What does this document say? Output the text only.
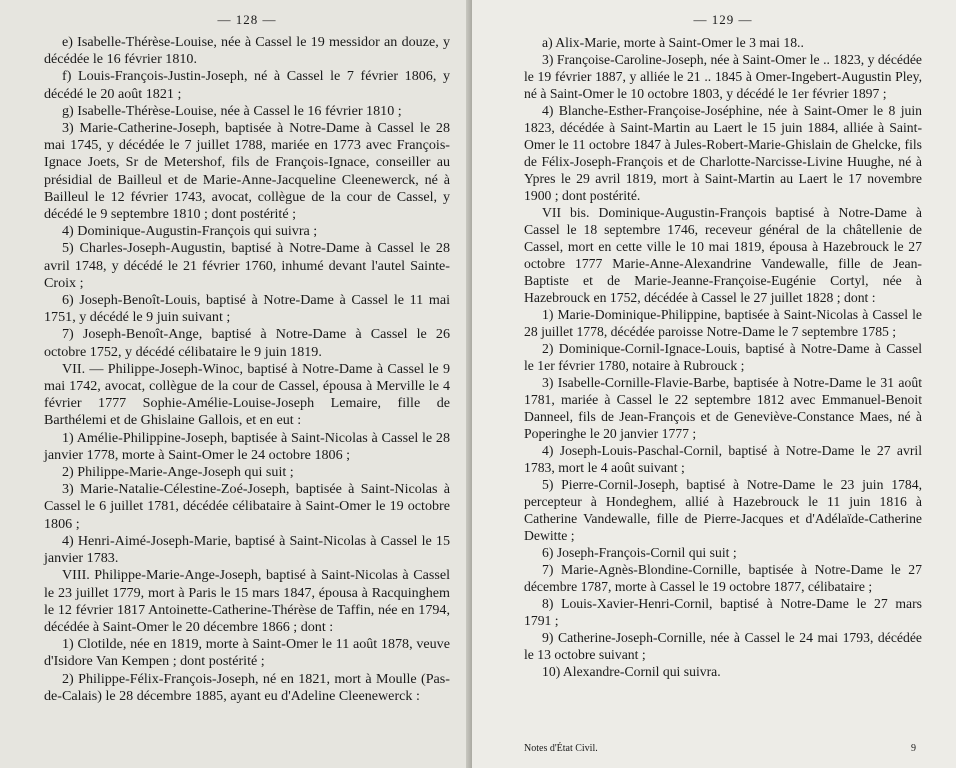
— 128 —

e) Isabelle-Thérèse-Louise, née à Cassel le 19 messidor an douze, y décédée le 16 février 1810.

f) Louis-François-Justin-Joseph, né à Cassel le 7 février 1806, y décédé le 20 août 1821 ;

g) Isabelle-Thérèse-Louise, née à Cassel le 16 février 1810 ;

3) Marie-Catherine-Joseph, baptisée à Notre-Dame à Cassel le 28 mai 1745, y décédée le 7 juillet 1788, mariée en 1773 avec François-Ignace Joets, Sr de Metershof, fils de François-Ignace, conseiller au présidial de Bailleul et de Marie-Anne-Jacqueline Cleenewerck, né à Bailleul le 12 février 1743, avocat, collègue de la cour de Cassel, y décédé le 9 septembre 1810 ; dont postérité ;

4) Dominique-Augustin-François qui suivra ;

5) Charles-Joseph-Augustin, baptisé à Notre-Dame à Cassel le 28 avril 1748, y décédé le 21 février 1760, inhumé devant l'autel Sainte-Croix ;

6) Joseph-Benoît-Louis, baptisé à Notre-Dame à Cassel le 11 mai 1751, y décédé le 9 juin suivant ;

7) Joseph-Benoît-Ange, baptisé à Notre-Dame à Cassel le 26 octobre 1752, y décédé célibataire le 9 juin 1819.

VII. — Philippe-Joseph-Winoc, baptisé à Notre-Dame à Cassel le 9 mai 1742, avocat, collègue de la cour de Cassel, épousa à Merville le 4 février 1777 Sophie-Amélie-Louise-Joseph Lemaire, fille de Barthélemi et de Ghislaine Gallois, et en eut :

1) Amélie-Philippine-Joseph, baptisée à Saint-Nicolas à Cassel le 28 janvier 1778, morte à Saint-Omer le 24 octobre 1806 ;

2) Philippe-Marie-Ange-Joseph qui suit ;

3) Marie-Natalie-Célestine-Zoé-Joseph, baptisée à Saint-Nicolas à Cassel le 6 juillet 1781, décédée célibataire à Saint-Omer le 19 octobre 1806 ;

4) Henri-Aimé-Joseph-Marie, baptisé à Saint-Nicolas à Cassel le 15 janvier 1783.

VIII. Philippe-Marie-Ange-Joseph, baptisé à Saint-Nicolas à Cassel le 23 juillet 1779, mort à Paris le 15 mars 1847, épousa à Racquinghem le 12 février 1817 Antoinette-Catherine-Thérèse de Taffin, née en 1794, décédée à Saint-Omer le 20 décembre 1866 ; dont :

1) Clotilde, née en 1819, morte à Saint-Omer le 11 août 1878, veuve d'Isidore Van Kempen ; dont postérité ;

2) Philippe-Félix-François-Joseph, né en 1821, mort à Moulle (Pas-de-Calais) le 28 décembre 1885, ayant eu d'Adeline Cleenewerck :

— 129 —

a) Alix-Marie, morte à Saint-Omer le 3 mai 18..

3) Françoise-Caroline-Joseph, née à Saint-Omer le .. 1823, y décédée le 19 février 1887, y alliée le 21 .. 1845 à Omer-Ingebert-Augustin Pley, né à Saint-Omer le 10 octobre 1803, y décédé le 1er février 1897 ;

4) Blanche-Esther-Françoise-Joséphine, née à Saint-Omer le 8 juin 1823, décédée à Saint-Martin au Laert le 15 juin 1884, alliée à Saint-Omer le 11 octobre 1847 à Jules-Robert-Marie-Ghislain de Ghelcke, fils de Félix-Joseph-François et de Charlotte-Narcisse-Livine Huughe, né à Ypres le 29 avril 1819, mort à Saint-Martin au Laert le 17 novembre 1900 ; dont postérité.

VII bis. Dominique-Augustin-François baptisé à Notre-Dame à Cassel le 18 septembre 1746, receveur général de la châtellenie de Cassel, mort en cette ville le 10 mai 1819, épousa à Hazebrouck le 27 octobre 1777 Marie-Anne-Alexandrine Vandewalle, fille de Jean-Baptiste et de Marie-Jeanne-Françoise-Eugénie Cortyl, née à Hazebrouck en 1752, décédée à Cassel le 27 juillet 1828 ; dont :

1) Marie-Dominique-Philippine, baptisée à Saint-Nicolas à Cassel le 28 juillet 1778, décédée paroisse Notre-Dame le 7 septembre 1785 ;

2) Dominique-Cornil-Ignace-Louis, baptisé à Notre-Dame à Cassel le 1er février 1780, notaire à Rubrouck ;

3) Isabelle-Cornille-Flavie-Barbe, baptisée à Notre-Dame le 31 août 1781, mariée à Cassel le 22 septembre 1812 avec Emmanuel-Benoit Danneel, fils de Jean-François et de Geneviève-Constance Maes, né à Poperinghe le 20 janvier 1777 ;

4) Joseph-Louis-Paschal-Cornil, baptisé à Notre-Dame le 27 avril 1783, mort le 4 août suivant ;

5) Pierre-Cornil-Joseph, baptisé à Notre-Dame le 23 juin 1784, percepteur à Hondeghem, allié à Hazebrouck le 11 juin 1816 à Catherine Vandewalle, fille de Pierre-Jacques et d'Adélaïde-Catherine Dewitte ;

6) Joseph-François-Cornil qui suit ;

7) Marie-Agnès-Blondine-Cornille, baptisée à Notre-Dame le 27 décembre 1787, morte à Cassel le 19 octobre 1877, célibataire ;

8) Louis-Xavier-Henri-Cornil, baptisé à Notre-Dame le 27 mars 1791 ;

9) Catherine-Joseph-Cornille, née à Cassel le 24 mai 1793, décédée le 13 octobre suivant ;

10) Alexandre-Cornil qui suivra.

Notes d'État Civil.	9
